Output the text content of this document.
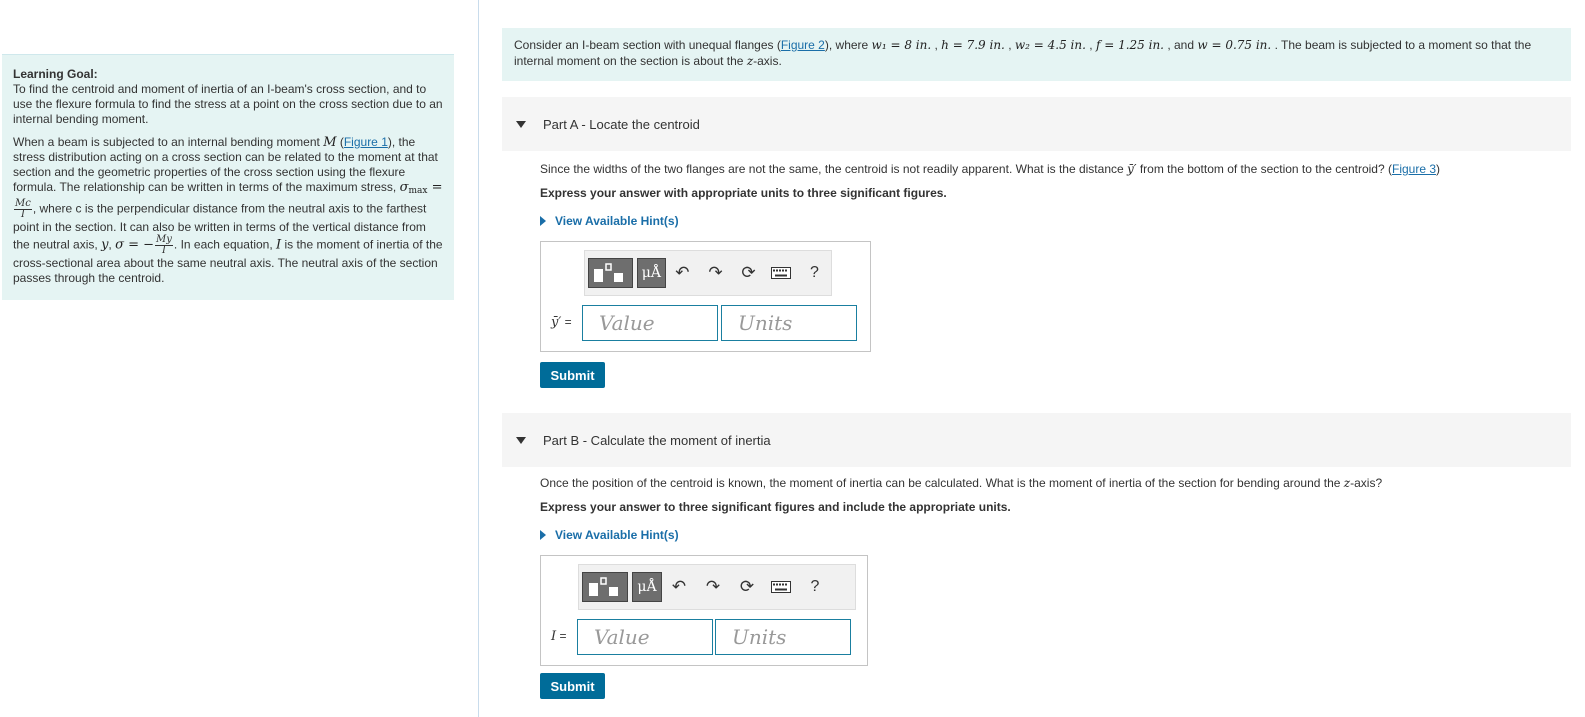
Learning Goal:
To find the centroid and moment of inertia of an I-beam's cross section, and to use the flexure formula to find the stress at a point on the cross section due to an internal bending moment.

When a beam is subjected to an internal bending moment M (Figure 1), the stress distribution acting on a cross section can be related to the moment at that section and the geometric properties of the cross section using the flexure formula. The relationship can be written in terms of the maximum stress, $\sigma_{max}$ =
$\frac{Mc}{I}$ , where c is the perpendicular distance from the neutral axis to the farthest point in the section. It can also be written in terms of the vertical distance from the neutral axis, y, σ = − $\frac{My}{I}$ . In each equation, I is the moment of inertia of the cross-sectional area about the same neutral axis. The neutral axis of the section passes through the centroid.

Consider an I-beam section with unequal flanges (Figure 2), where w₁ = 8 in. , h = 7.9 in. , w₂ = 4.5 in. , f = 1.25 in. , and w = 0.75 in. . The beam is subjected to a moment so that the internal moment on the section is about the z-axis.
Part A - Locate the centroid
Since the widths of the two flanges are not the same, the centroid is not readily apparent. What is the distance ȳ′ from the bottom of the section to the centroid? (Figure 3)
Express your answer with appropriate units to three significant figures.
View Available Hint(s)
μÅ ↶	↷	⟳	?
ȳ′ =	Value	Units
Submit
Part B - Calculate the moment of inertia
Once the position of the centroid is known, the moment of inertia can be calculated. What is the moment of inertia of the section for bending around the z-axis?
Express your answer to three significant figures and include the appropriate units.
View Available Hint(s)
μÅ ↶	↷	⟳	?
I =	Value	Units
Submit
